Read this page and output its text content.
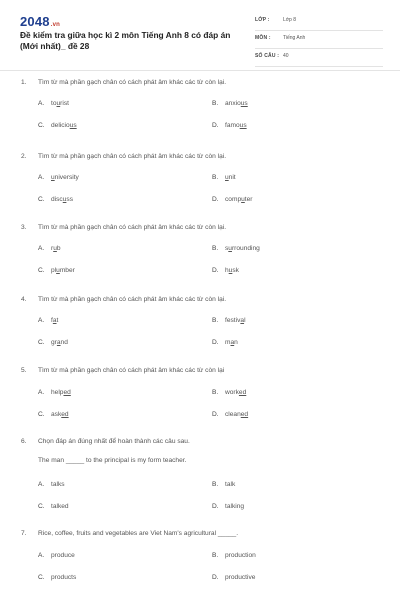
2048.vn
Đề kiểm tra giữa học kì 2 môn Tiếng Anh 8 có đáp án (Mới nhất)_ đề 28
LỚP :	Lớp 8
MÔN : Tiếng Anh
SỐ CÂU : 40
1. Tìm từ mà phần gạch chân có cách phát âm khác các từ còn lại.
A. tourist	B. anxious
C. delicious	D. famous
2. Tìm từ mà phần gạch chân có cách phát âm khác các từ còn lại.
A. university	B. unit
C. discuss	D. computer
3. Tìm từ mà phần gạch chân có cách phát âm khác các từ còn lại.
A. rub	B. surrounding
C. plumber	D. husk
4. Tìm từ mà phần gạch chân có cách phát âm khác các từ còn lại.
A. fat	B. festival
C. grand	D. man
5. Tìm từ mà phần gạch chân có cách phát âm khác các từ còn lại
A. helped	B. worked
C. asked	D. cleaned
6. Chọn đáp án đúng nhất để hoàn thành các câu sau.
The man _____ to the principal is my form teacher.
A. talks	B. talk
C. talked	D. talking
7. Rice, coffee, fruits and vegetables are Viet Nam's agricultural _____.
A. produce	B. production
C. products	D. productive
